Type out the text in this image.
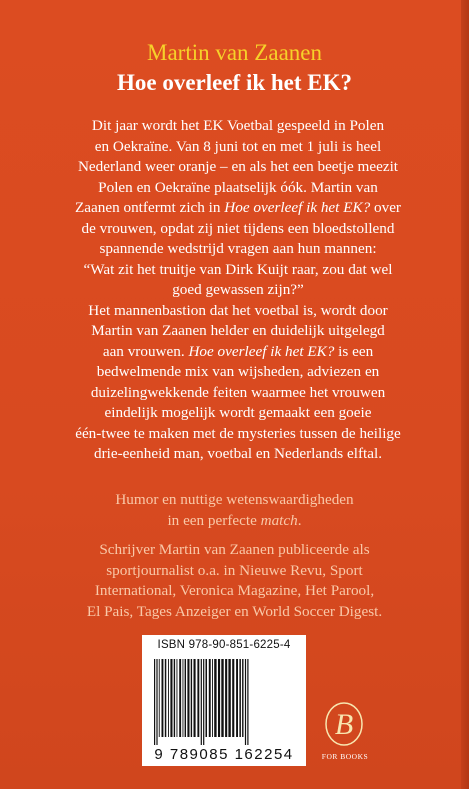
Martin van Zaanen
Hoe overleef ik het EK?
Dit jaar wordt het EK Voetbal gespeeld in Polen
en Oekraïne. Van 8 juni tot en met 1 juli is heel
Nederland weer oranje – en als het een beetje meezit
Polen en Oekraïne plaatselijk óók. Martin van
Zaanen ontfermt zich in Hoe overleef ik het EK? over
de vrouwen, opdat zij niet tijdens een bloedstollend
spannende wedstrijd vragen aan hun mannen:
“Wat zit het truitje van Dirk Kuijt raar, zou dat wel
goed gewassen zijn?”
Het mannenbastion dat het voetbal is, wordt door
Martin van Zaanen helder en duidelijk uitgelegd
aan vrouwen. Hoe overleef ik het EK? is een
bedwelmende mix van wijsheden, adviezen en
duizelingwekkende feiten waarmee het vrouwen
eindelijk mogelijk wordt gemaakt een goeie
één-twee te maken met de mysteries tussen de heilige
drie-eenheid man, voetbal en Nederlands elftal.
Humor en nuttige wetenswaardigheden
in een perfecte match.
Schrijver Martin van Zaanen publiceerde als
sportjournalist o.a. in Nieuwe Revu, Sport
International, Veronica Magazine, Het Parool,
El Pais, Tages Anzeiger en World Soccer Digest.
ISBN 978-90-851-6225-4
9 789085 162254
B
FOR BOOKS
